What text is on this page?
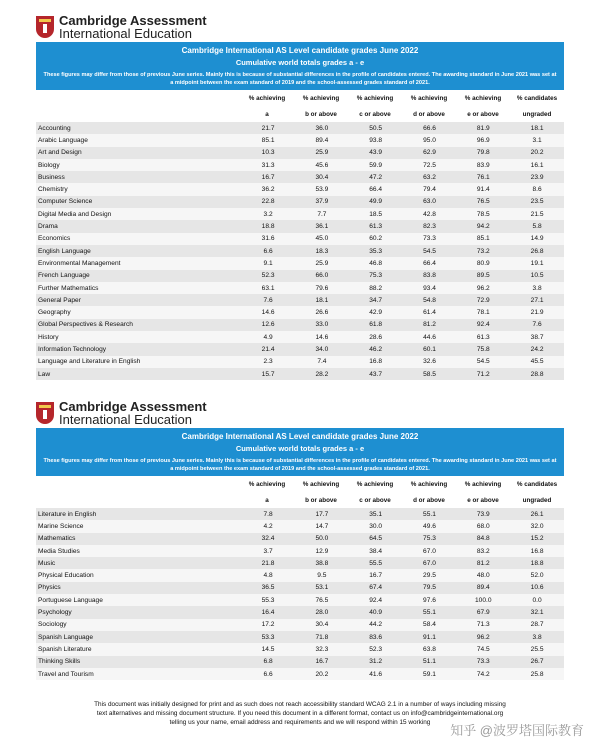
Cambridge Assessment
International Education
Cambridge International AS Level candidate grades June 2022
Cumulative world totals grades a - e
These figures may differ from those of previous June series. Mainly this is because of substantial differences in the profile of candidates entered. The awarding standard in June 2021 was set at a midpoint between the exam standard of 2019 and the school-assessed grades standard of 2021.
% achieving	% achieving	% achieving	% achieving	% achieving	% candidates
a	b or above	c or above	d or above	e or above	ungraded
Accounting	21.7	36.0	50.5	66.6	81.9	18.1
Arabic Language	85.1	89.4	93.8	95.0	96.9	3.1
Art and Design	10.3	25.9	43.9	62.9	79.8	20.2
Biology	31.3	45.6	59.9	72.5	83.9	16.1
Business	16.7	30.4	47.2	63.2	76.1	23.9
Chemistry	36.2	53.9	66.4	79.4	91.4	8.6
Computer Science	22.8	37.9	49.9	63.0	76.5	23.5
Digital Media and Design	3.2	7.7	18.5	42.8	78.5	21.5
Drama	18.8	36.1	61.3	82.3	94.2	5.8
Economics	31.6	45.0	60.2	73.3	85.1	14.9
English Language	6.6	18.3	35.3	54.5	73.2	26.8
Environmental Management	9.1	25.9	46.8	66.4	80.9	19.1
French Language	52.3	66.0	75.3	83.8	89.5	10.5
Further Mathematics	63.1	79.6	88.2	93.4	96.2	3.8
General Paper	7.6	18.1	34.7	54.8	72.9	27.1
Geography	14.6	26.6	42.9	61.4	78.1	21.9
Global Perspectives & Research	12.6	33.0	61.8	81.2	92.4	7.6
History	4.9	14.6	28.6	44.6	61.3	38.7
Information Technology	21.4	34.0	46.2	60.1	75.8	24.2
Language and Literature in English	2.3	7.4	16.8	32.6	54.5	45.5
Law	15.7	28.2	43.7	58.5	71.2	28.8
Cambridge Assessment
International Education
Cambridge International AS Level candidate grades June 2022
Cumulative world totals grades a - e
These figures may differ from those of previous June series. Mainly this is because of substantial differences in the profile of candidates entered. The awarding standard in June 2021 was set at a midpoint between the exam standard of 2019 and the school-assessed grades standard of 2021.
% achieving	% achieving	% achieving	% achieving	% achieving	% candidates
a	b or above	c or above	d or above	e or above	ungraded
Literature in English	7.8	17.7	35.1	55.1	73.9	26.1
Marine Science	4.2	14.7	30.0	49.6	68.0	32.0
Mathematics	32.4	50.0	64.5	75.3	84.8	15.2
Media Studies	3.7	12.9	38.4	67.0	83.2	16.8
Music	21.8	38.8	55.5	67.0	81.2	18.8
Physical Education	4.8	9.5	16.7	29.5	48.0	52.0
Physics	36.5	53.1	67.4	79.5	89.4	10.6
Portuguese Language	55.3	76.5	92.4	97.6	100.0	0.0
Psychology	16.4	28.0	40.9	55.1	67.9	32.1
Sociology	17.2	30.4	44.2	58.4	71.3	28.7
Spanish Language	53.3	71.8	83.6	91.1	96.2	3.8
Spanish Literature	14.5	32.3	52.3	63.8	74.5	25.5
Thinking Skills	6.8	16.7	31.2	51.1	73.3	26.7
Travel and Tourism	6.6	20.2	41.6	59.1	74.2	25.8
This document was initially designed for print and as such does not reach accessibility standard WCAG 2.1 in a number of ways including missing
text alternatives and missing document structure. If you need this document in a different format, contact us on info@cambridgeinternational.org
telling us your name, email address and requirements and we will respond within 15 working
知乎 @波罗塔国际教育
